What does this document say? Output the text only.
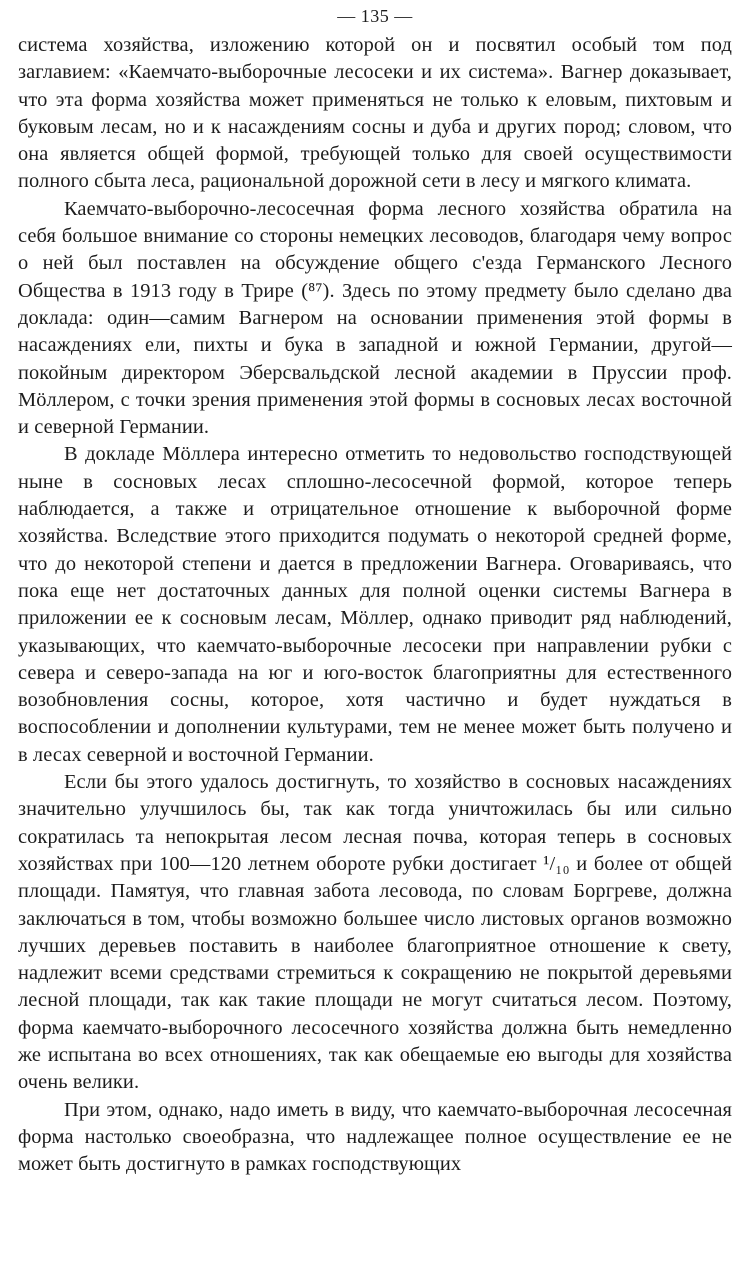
— 135 —

система хозяйства, изложению которой он и посвятил особый том под заглавием: «Каемчато-выборочные лесосеки и их система». Вагнер доказывает, что эта форма хозяйства может применяться не только к еловым, пихтовым и буковым лесам, но и к насаждениям сосны и дуба и других пород; словом, что она является общей формой, требующей только для своей осуществимости полного сбыта леса, рациональной дорожной сети в лесу и мягкого климата.

Каемчато-выборочно-лесосечная форма лесного хозяйства обратила на себя большое внимание со стороны немецких лесоводов, благодаря чему вопрос о ней был поставлен на обсуждение общего с'езда Германского Лесного Общества в 1913 году в Трире (⁸⁷). Здесь по этому предмету было сделано два доклада: один—самим Вагнером на основании применения этой формы в насаждениях ели, пихты и бука в западной и южной Германии, другой—покойным директором Эберсвальдской лесной академии в Пруссии проф. Мöллером, с точки зрения применения этой формы в сосновых лесах восточной и северной Германии.

В докладе Мöллера интересно отметить то недовольство господствующей ныне в сосновых лесах сплошно-лесосечной формой, которое теперь наблюдается, а также и отрицательное отношение к выборочной форме хозяйства. Вследствие этого приходится подумать о некоторой средней форме, что до некоторой степени и дается в предложении Вагнера. Оговариваясь, что пока еще нет достаточных данных для полной оценки системы Вагнера в приложении ее к сосновым лесам, Мöллер, однако приводит ряд наблюдений, указывающих, что каемчато-выборочные лесосеки при направлении рубки с севера и северо-запада на юг и юго-восток благоприятны для естественного возобновления сосны, которое, хотя частично и будет нуждаться в воспособлении и дополнении культурами, тем не менее может быть получено и в лесах северной и восточной Германии.

Если бы этого удалось достигнуть, то хозяйство в сосновых насаждениях значительно улучшилось бы, так как тогда уничтожилась бы или сильно сократилась та непокрытая лесом лесная почва, которая теперь в сосновых хозяйствах при 100—120 летнем обороте рубки достигает ¹/₁₀ и более от общей площади. Памятуя, что главная забота лесовода, по словам Боргреве, должна заключаться в том, чтобы возможно большее число листовых органов возможно лучших деревьев поставить в наиболее благоприятное отношение к свету, надлежит всеми средствами стремиться к сокращению не покрытой деревьями лесной площади, так как такие площади не могут считаться лесом. Поэтому, форма каемчато-выборочного лесосечного хозяйства должна быть немедленно же испытана во всех отношениях, так как обещаемые ею выгоды для хозяйства очень велики.

При этом, однако, надо иметь в виду, что каемчато-выборочная лесосечная форма настолько своеобразна, что надлежащее полное осуществление ее не может быть достигнуто в рамках господствующих
